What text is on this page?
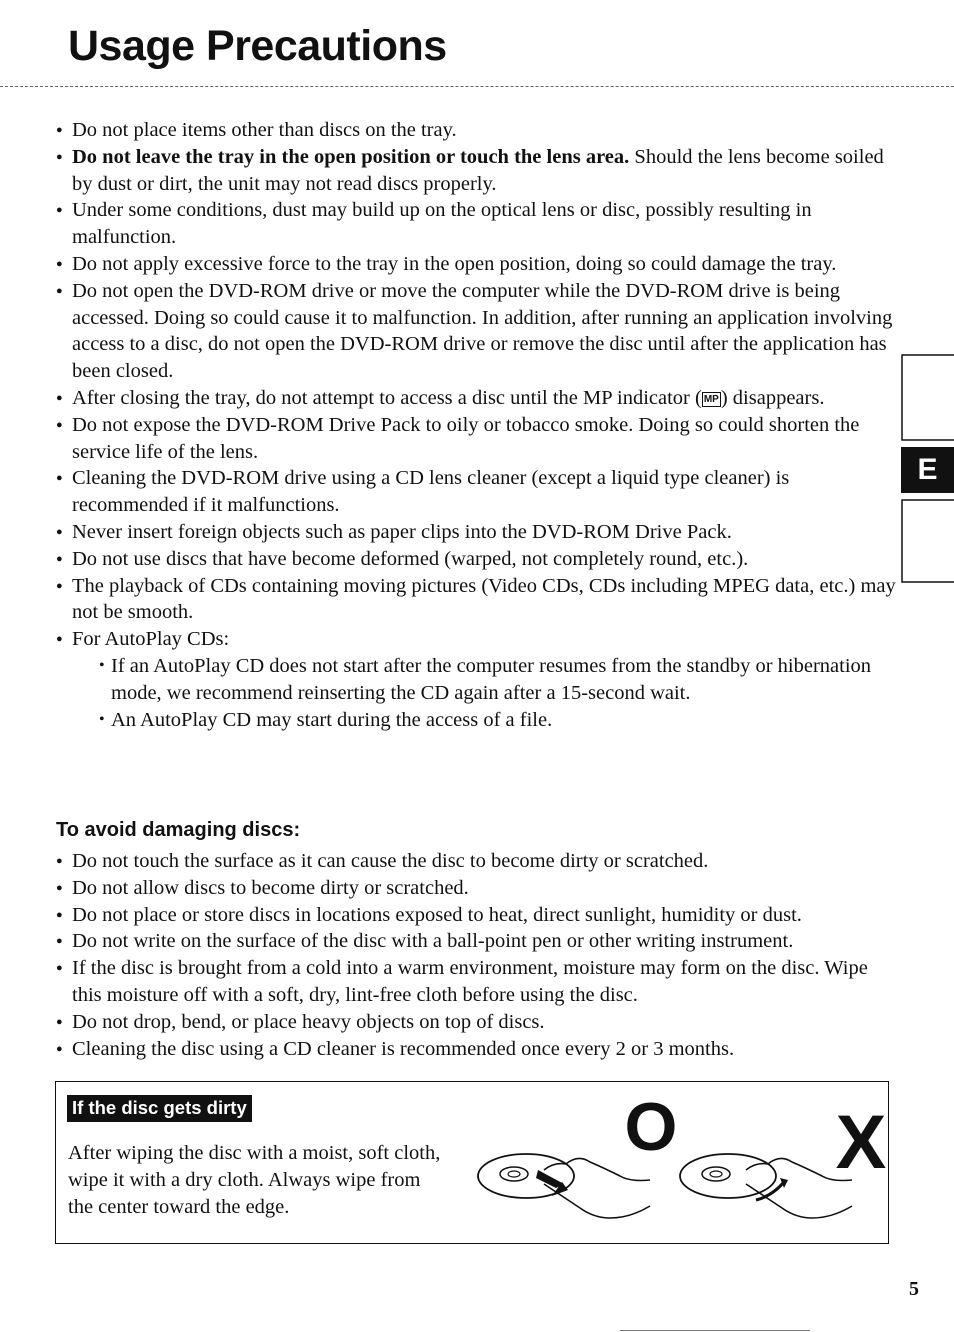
Usage Precautions
● Do not place items other than discs on the tray.
● Do not leave the tray in the open position or touch the lens area. Should the lens become soiled by dust or dirt, the unit may not read discs properly.
● Under some conditions, dust may build up on the optical lens or disc, possibly resulting in malfunction.
● Do not apply excessive force to the tray in the open position, doing so could damage the tray.
● Do not open the DVD-ROM drive or move the computer while the DVD-ROM drive is being accessed. Doing so could cause it to malfunction. In addition, after running an application involving access to a disc, do not open the DVD-ROM drive or remove the disc until after the application has been closed.
● After closing the tray, do not attempt to access a disc until the MP indicator ( MP) disappears.
● Do not expose the DVD-ROM Drive Pack to oily or tobacco smoke. Doing so could shorten the service life of the lens.
● Cleaning the DVD-ROM drive using a CD lens cleaner (except a liquid type cleaner) is recommended if it malfunctions.
● Never insert foreign objects such as paper clips into the DVD-ROM Drive Pack.
● Do not use discs that have become deformed (warped, not completely round, etc.).
● The playback of CDs containing moving pictures (Video CDs, CDs including MPEG data, etc.) may not be smooth.
● For AutoPlay CDs:
• If an AutoPlay CD does not start after the computer resumes from the standby or hibernation mode, we recommend reinserting the CD again after a 15-second wait.
• An AutoPlay CD may start during the access of a file.
To avoid damaging discs:
● Do not touch the surface as it can cause the disc to become dirty or scratched.
● Do not allow discs to become dirty or scratched.
● Do not place or store discs in locations exposed to heat, direct sunlight, humidity or dust.
● Do not write on the surface of the disc with a ball-point pen or other writing instrument.
● If the disc is brought from a cold into a warm environment, moisture may form on the disc. Wipe this moisture off with a soft, dry, lint-free cloth before using the disc.
● Do not drop, bend, or place heavy objects on top of discs.
● Cleaning the disc using a CD cleaner is recommended once every 2 or 3 months.
If the disc gets dirty

After wiping the disc with a moist, soft cloth, wipe it with a dry cloth. Always wipe from the center toward the edge.

O X
E
5
